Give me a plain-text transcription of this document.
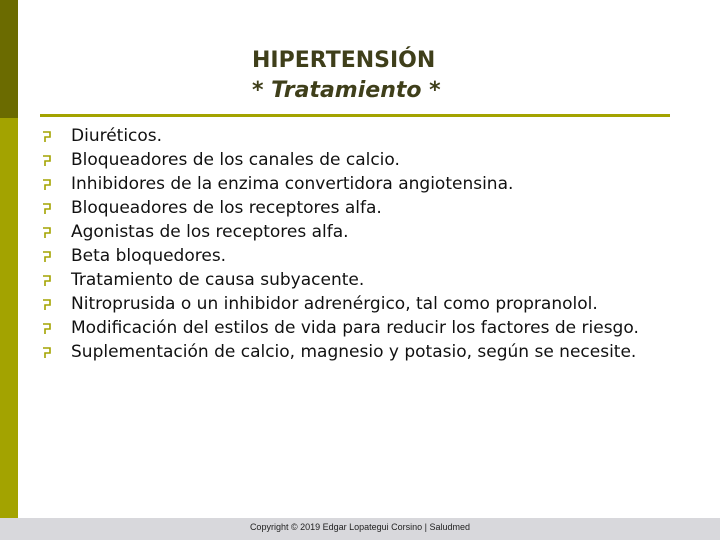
HIPERTENSIÓN
* Tratamiento *
Diuréticos.
Bloqueadores de los canales de calcio.
Inhibidores de la enzima convertidora angiotensina.
Bloqueadores de los receptores alfa.
Agonistas de los receptores alfa.
Beta bloquedores.
Tratamiento de causa subyacente.
Nitroprusida o un inhibidor adrenérgico, tal como propranolol.
Modificación del estilos de vida para reducir los factores de riesgo.
Suplementación de calcio, magnesio y potasio, según se necesite.
Copyright © 2019 Edgar Lopategui Corsino | Saludmed
